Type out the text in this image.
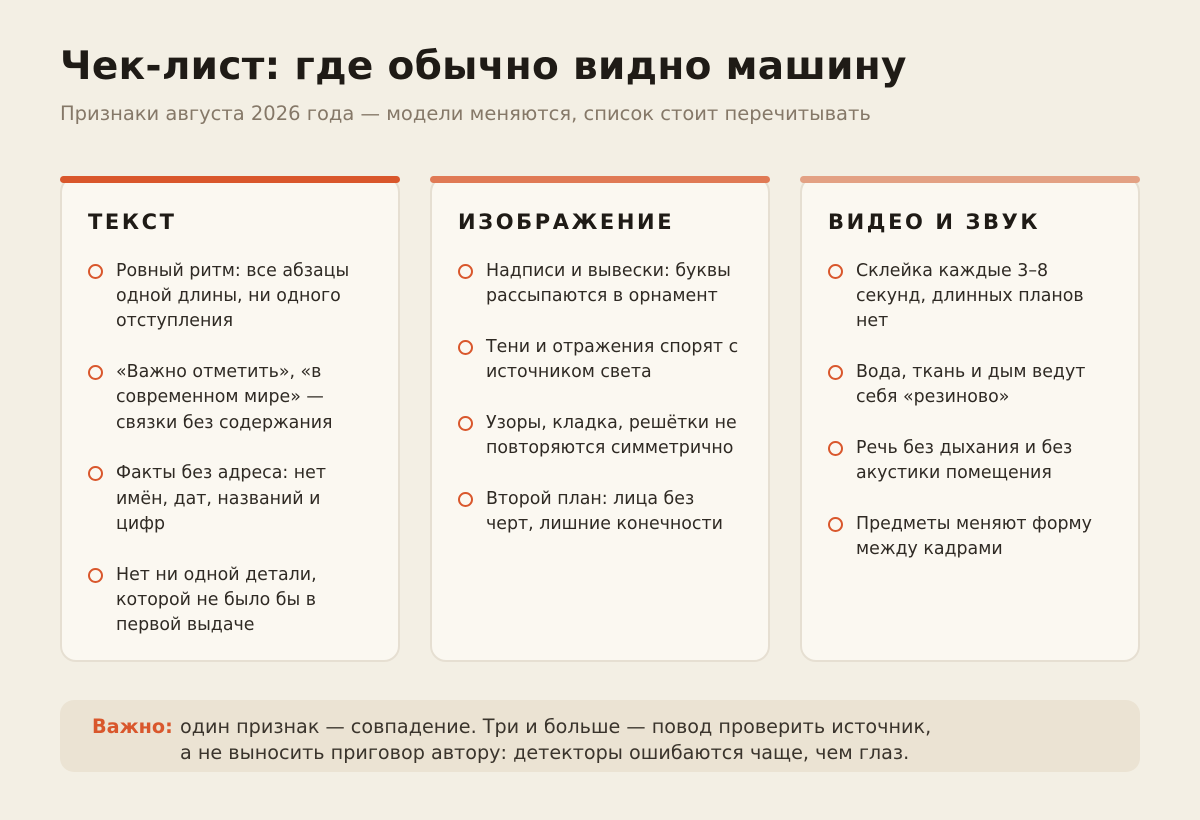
Чек-лист: где обычно видно машину

Признаки августа 2026 года — модели меняются, список стоит перечитывать

ТЕКСТ
Ровный ритм: все абзацы одной длины, ни одного отступления
«Важно отметить», «в современном мире» — связки без содержания
Факты без адреса: нет имён, дат, названий и цифр
Нет ни одной детали, которой не было бы в первой выдаче
ИЗОБРАЖЕНИЕ
Надписи и вывески: буквы рассыпаются в орнамент
Тени и отражения спорят с источником света
Узоры, кладка, решётки не повторяются симметрично
Второй план: лица без черт, лишние конечности
ВИДЕО И ЗВУК
Склейка каждые 3–8 секунд, длинных планов нет
Вода, ткань и дым ведут себя «резиново»
Речь без дыхания и без акустики помещения
Предметы меняют форму между кадрами
Важно: один признак — совпадение. Три и больше — повод проверить источник,
а не выносить приговор автору: детекторы ошибаются чаще, чем глаз.
